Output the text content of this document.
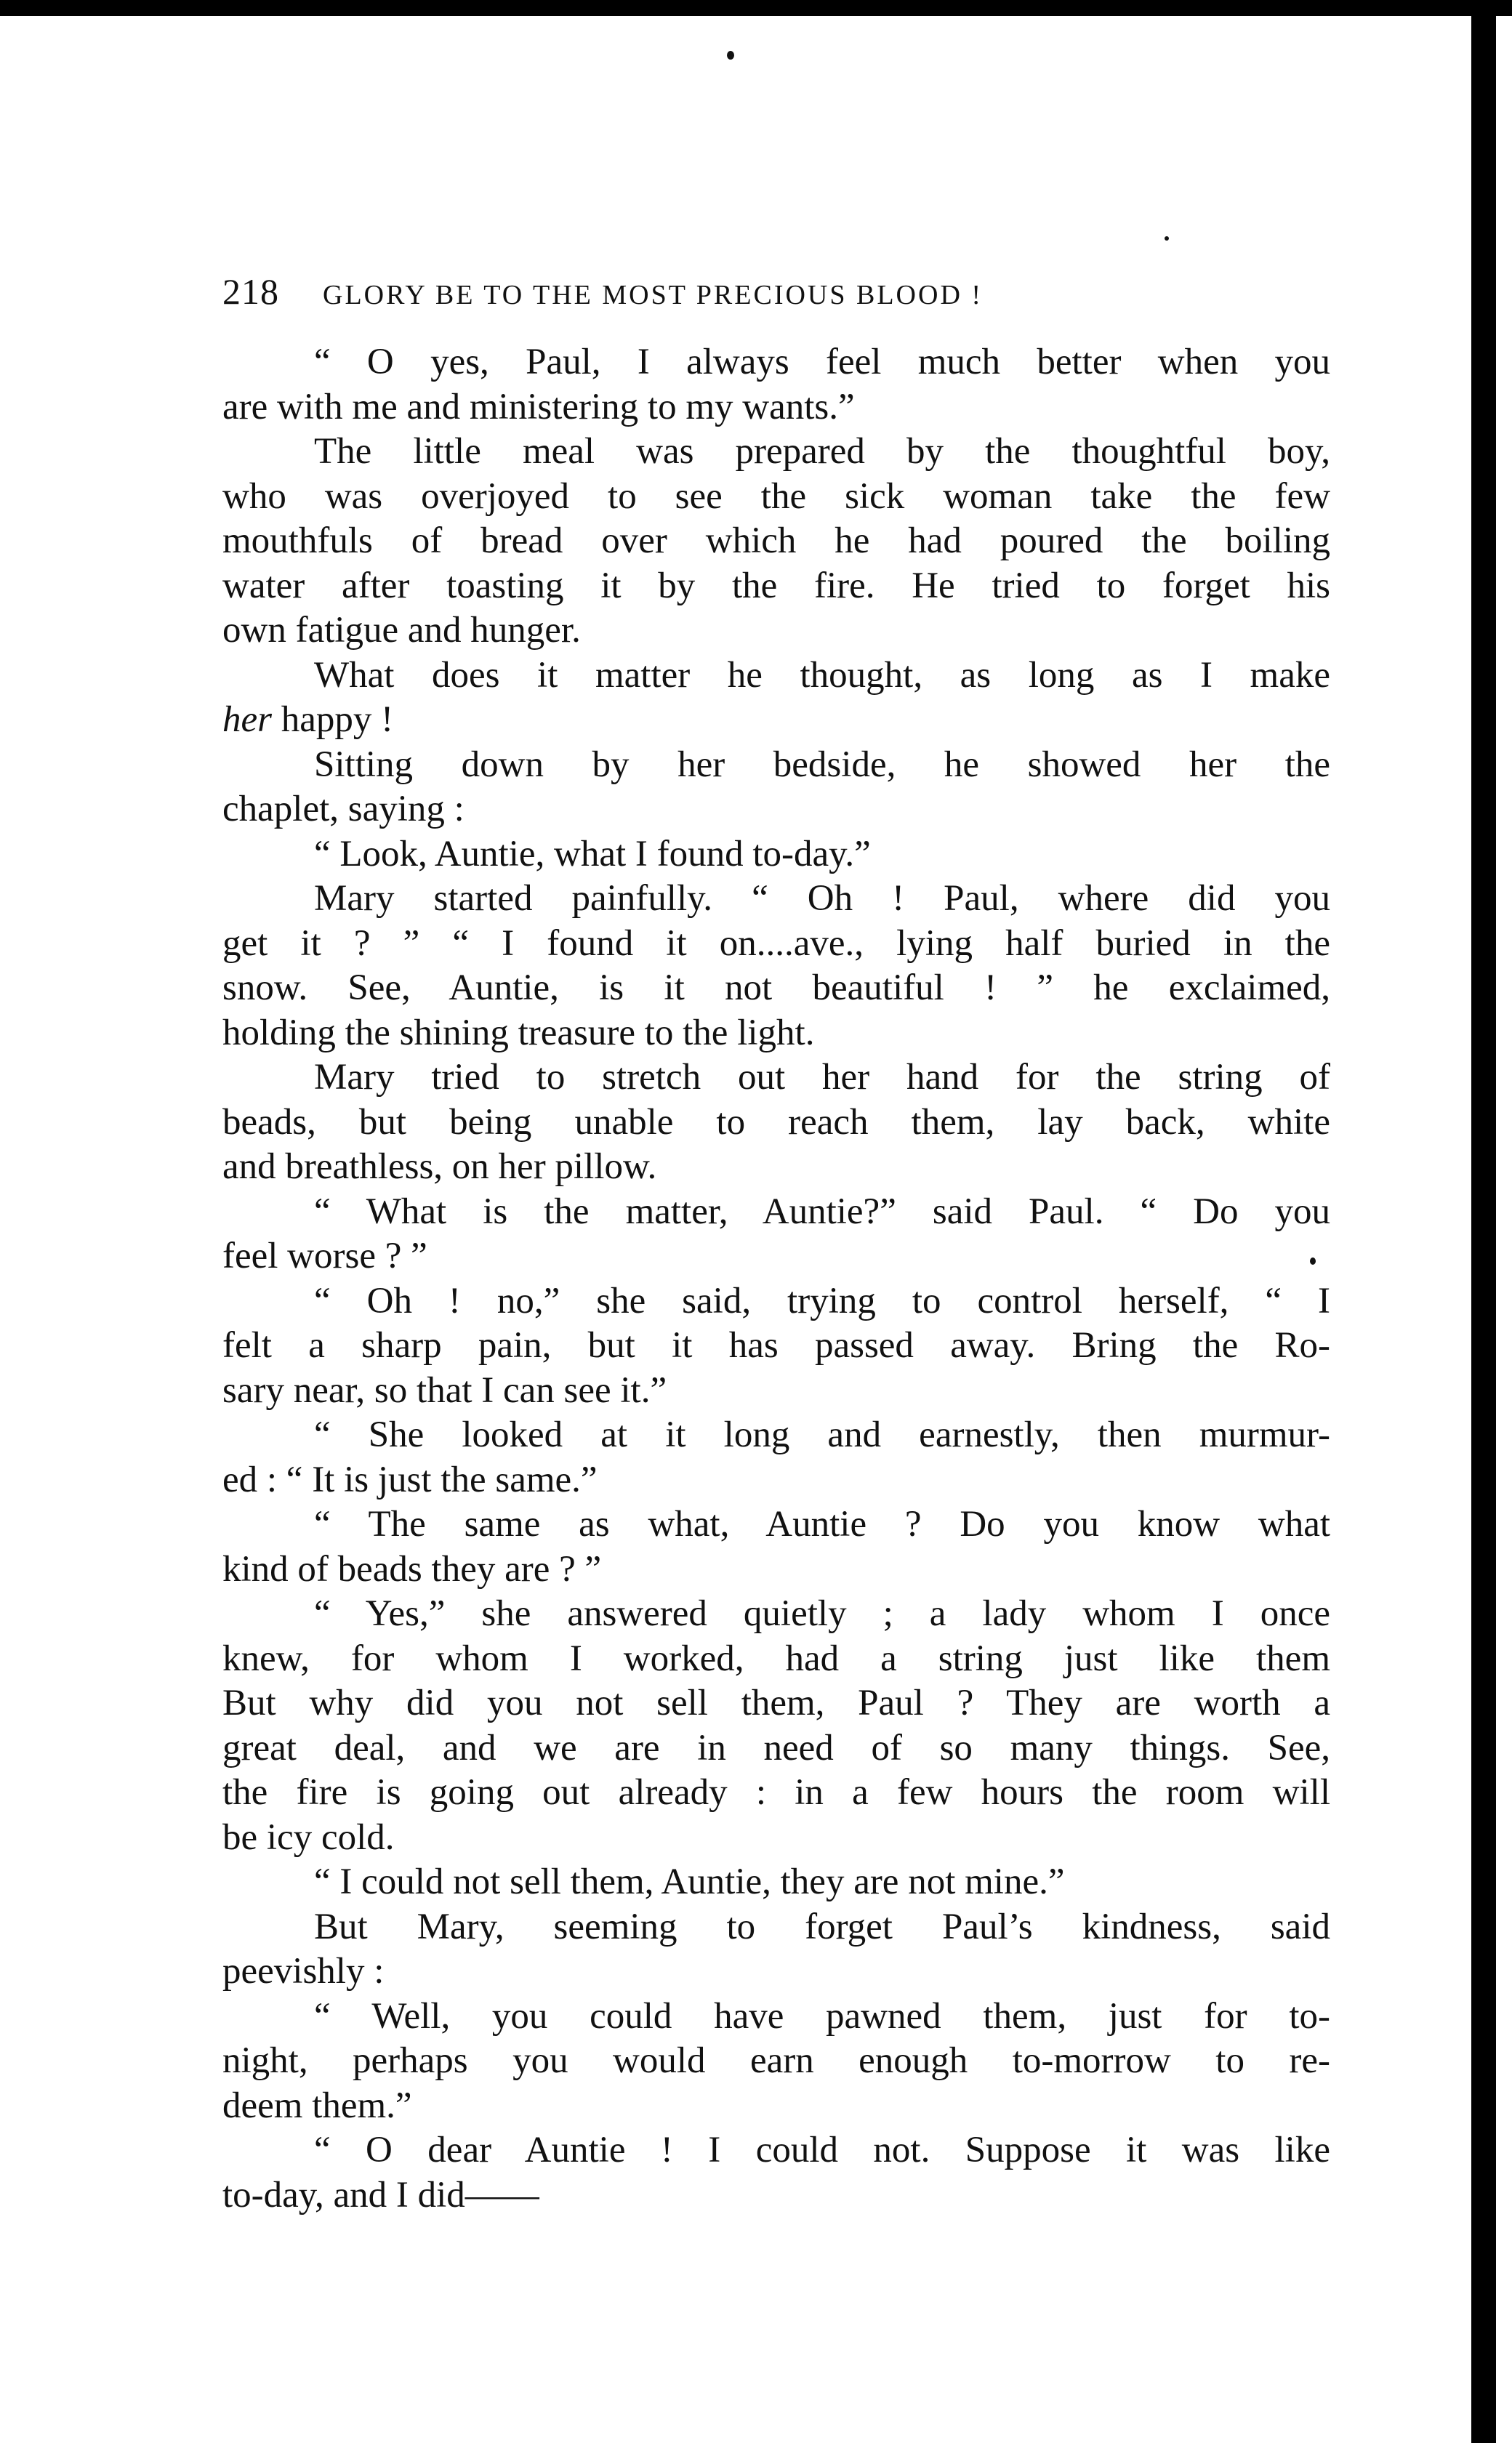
218 GLORY BE TO THE MOST PRECIOUS BLOOD !
“ O yes, Paul, I always feel much better when you
are with me and ministering to my wants.”
The little meal was prepared by the thoughtful boy,
who was overjoyed to see the sick woman take the few
mouthfuls of bread over which he had poured the boiling
water after toasting it by the fire. He tried to forget his
own fatigue and hunger.
What does it matter he thought, as long as I make
her happy !
Sitting down by her bedside, he showed her the
chaplet, saying :
“ Look, Auntie, what I found to-day.”
Mary started painfully. “ Oh ! Paul, where did you
get it ? ” “ I found it on....ave., lying half buried in the
snow. See, Auntie, is it not beautiful ! ” he exclaimed,
holding the shining treasure to the light.
Mary tried to stretch out her hand for the string of
beads, but being unable to reach them, lay back, white
and breathless, on her pillow.
“ What is the matter, Auntie?” said Paul. “ Do you
feel worse ? ”
“ Oh ! no,” she said, trying to control herself, “ I
felt a sharp pain, but it has passed away. Bring the Ro-
sary near, so that I can see it.”
“ She looked at it long and earnestly, then murmur-
ed : “ It is just the same.”
“ The same as what, Auntie ? Do you know what
kind of beads they are ? ”
“ Yes,” she answered quietly ; a lady whom I once
knew, for whom I worked, had a string just like them
But why did you not sell them, Paul ? They are worth a
great deal, and we are in need of so many things. See,
the fire is going out already : in a few hours the room will
be icy cold.
“ I could not sell them, Auntie, they are not mine.”
But Mary, seeming to forget Paul’s kindness, said
peevishly :
“ Well, you could have pawned them, just for to-
night, perhaps you would earn enough to-morrow to re-
deem them.”
“ O dear Auntie ! I could not. Suppose it was like
to-day, and I did——
